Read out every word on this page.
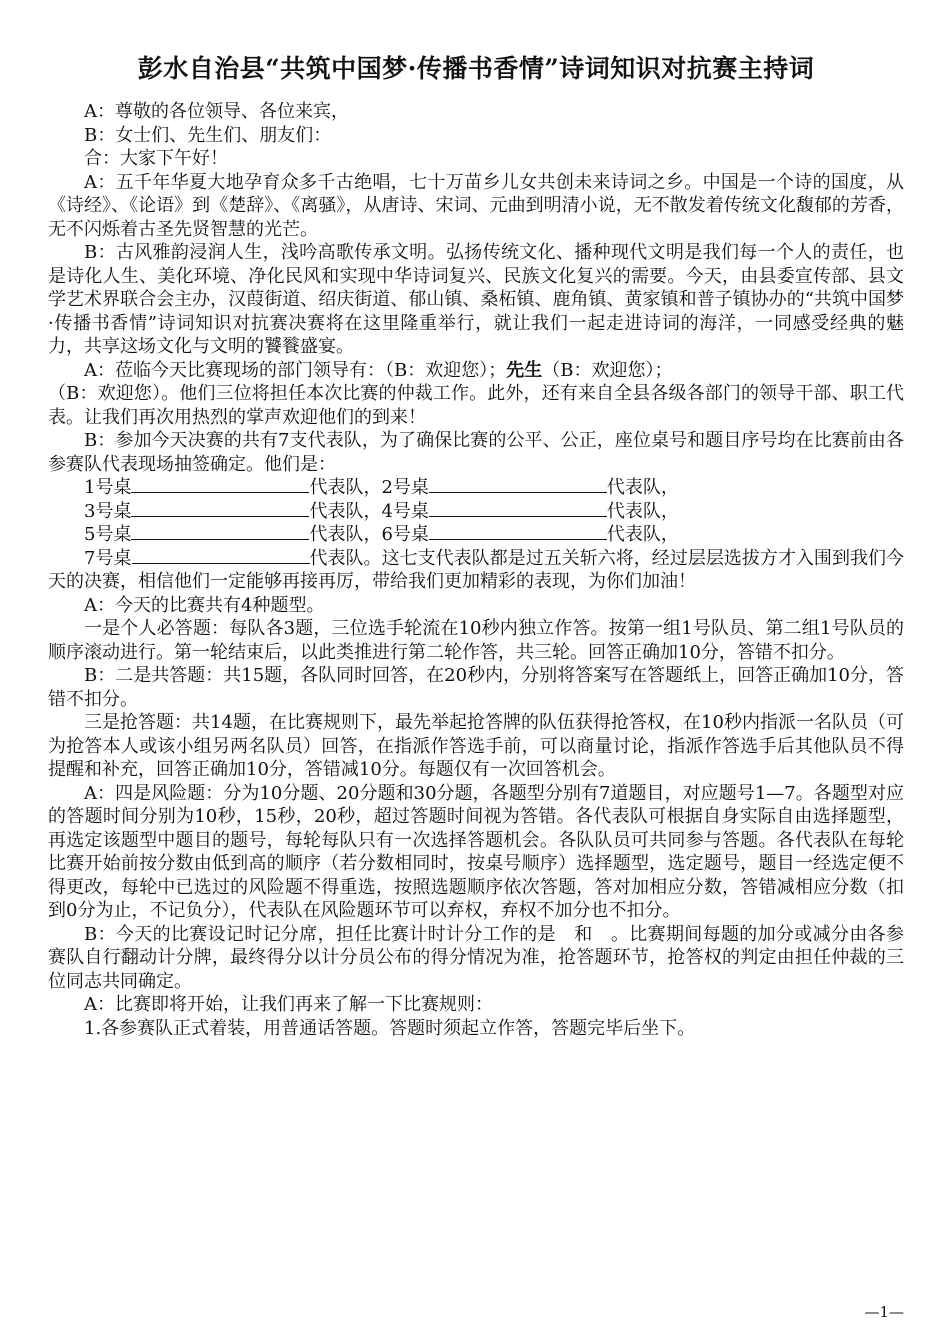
彭水自治县“共筑中国梦·传播书香情”诗词知识对抗赛主持词

A：尊敬的各位领导、各位来宾，

B：女士们、先生们、朋友们：

合：大家下午好！

A：五千年华夏大地孕育众多千古绝唱，七十万苗乡儿女共创未来诗词之乡。中国是一个诗的国度，从《诗经》、《论语》到《楚辞》、《离骚》，从唐诗、宋词、元曲到明清小说，无不散发着传统文化馥郁的芳香，无不闪烁着古圣先贤智慧的光芒。

B：古风雅韵浸润人生，浅吟高歌传承文明。弘扬传统文化、播种现代文明是我们每一个人的责任，也是诗化人生、美化环境、净化民风和实现中华诗词复兴、民族文化复兴的需要。今天，由县委宣传部、县文学艺术界联合会主办，汉葭街道、绍庆街道、郁山镇、桑柘镇、鹿角镇、黄家镇和普子镇协办的“共筑中国梦·传播书香情”诗词知识对抗赛决赛将在这里隆重举行，就让我们一起走进诗词的海洋，一同感受经典的魅力，共享这场文化与文明的饕餮盛宴。

A：莅临今天比赛现场的部门领导有：（B：欢迎您）；先生（B：欢迎您）；

（B：欢迎您）。他们三位将担任本次比赛的仲裁工作。此外，还有来自全县各级各部门的领导干部、职工代表。让我们再次用热烈的掌声欢迎他们的到来！

B：参加今天决赛的共有7支代表队，为了确保比赛的公平、公正，座位桌号和题目序号均在比赛前由各参赛队代表现场抽签确定。他们是：

1号桌	代表队，2号桌	代表队，

3号桌	代表队，4号桌	代表队，

5号桌	代表队，6号桌	代表队，

7号桌	代表队。这七支代表队都是过五关斩六将，经过层层选拔方才入围到我们今天的决赛，相信他们一定能够再接再厉，带给我们更加精彩的表现，为你们加油！

A：今天的比赛共有4种题型。

一是个人必答题：每队各3题，三位选手轮流在10秒内独立作答。按第一组1号队员、第二组1号队员的顺序滚动进行。第一轮结束后，以此类推进行第二轮作答，共三轮。回答正确加10分，答错不扣分。

B：二是共答题：共15题，各队同时回答，在20秒内，分别将答案写在答题纸上，回答正确加10分，答错不扣分。

三是抢答题：共14题，在比赛规则下，最先举起抢答牌的队伍获得抢答权，在10秒内指派一名队员（可为抢答本人或该小组另两名队员）回答，在指派作答选手前，可以商量讨论，指派作答选手后其他队员不得提醒和补充，回答正确加10分，答错减10分。每题仅有一次回答机会。

A：四是风险题：分为10分题、20分题和30分题，各题型分别有7道题目，对应题号1—7。各题型对应的答题时间分别为10秒，15秒，20秒，超过答题时间视为答错。各代表队可根据自身实际自由选择题型，再选定该题型中题目的题号，每轮每队只有一次选择答题机会。各队队员可共同参与答题。各代表队在每轮比赛开始前按分数由低到高的顺序（若分数相同时，按桌号顺序）选择题型，选定题号，题目一经选定便不得更改，每轮中已选过的风险题不得重选，按照选题顺序依次答题，答对加相应分数，答错减相应分数（扣到0分为止，不记负分），代表队在风险题环节可以弃权，弃权不加分也不扣分。

B：今天的比赛设记时记分席，担任比赛计时计分工作的是　和　。比赛期间每题的加分或减分由各参赛队自行翻动计分牌，最终得分以计分员公布的得分情况为准，抢答题环节，抢答权的判定由担任仲裁的三位同志共同确定。

A：比赛即将开始，让我们再来了解一下比赛规则：

1.各参赛队正式着装，用普通话答题。答题时须起立作答，答题完毕后坐下。

—1—
